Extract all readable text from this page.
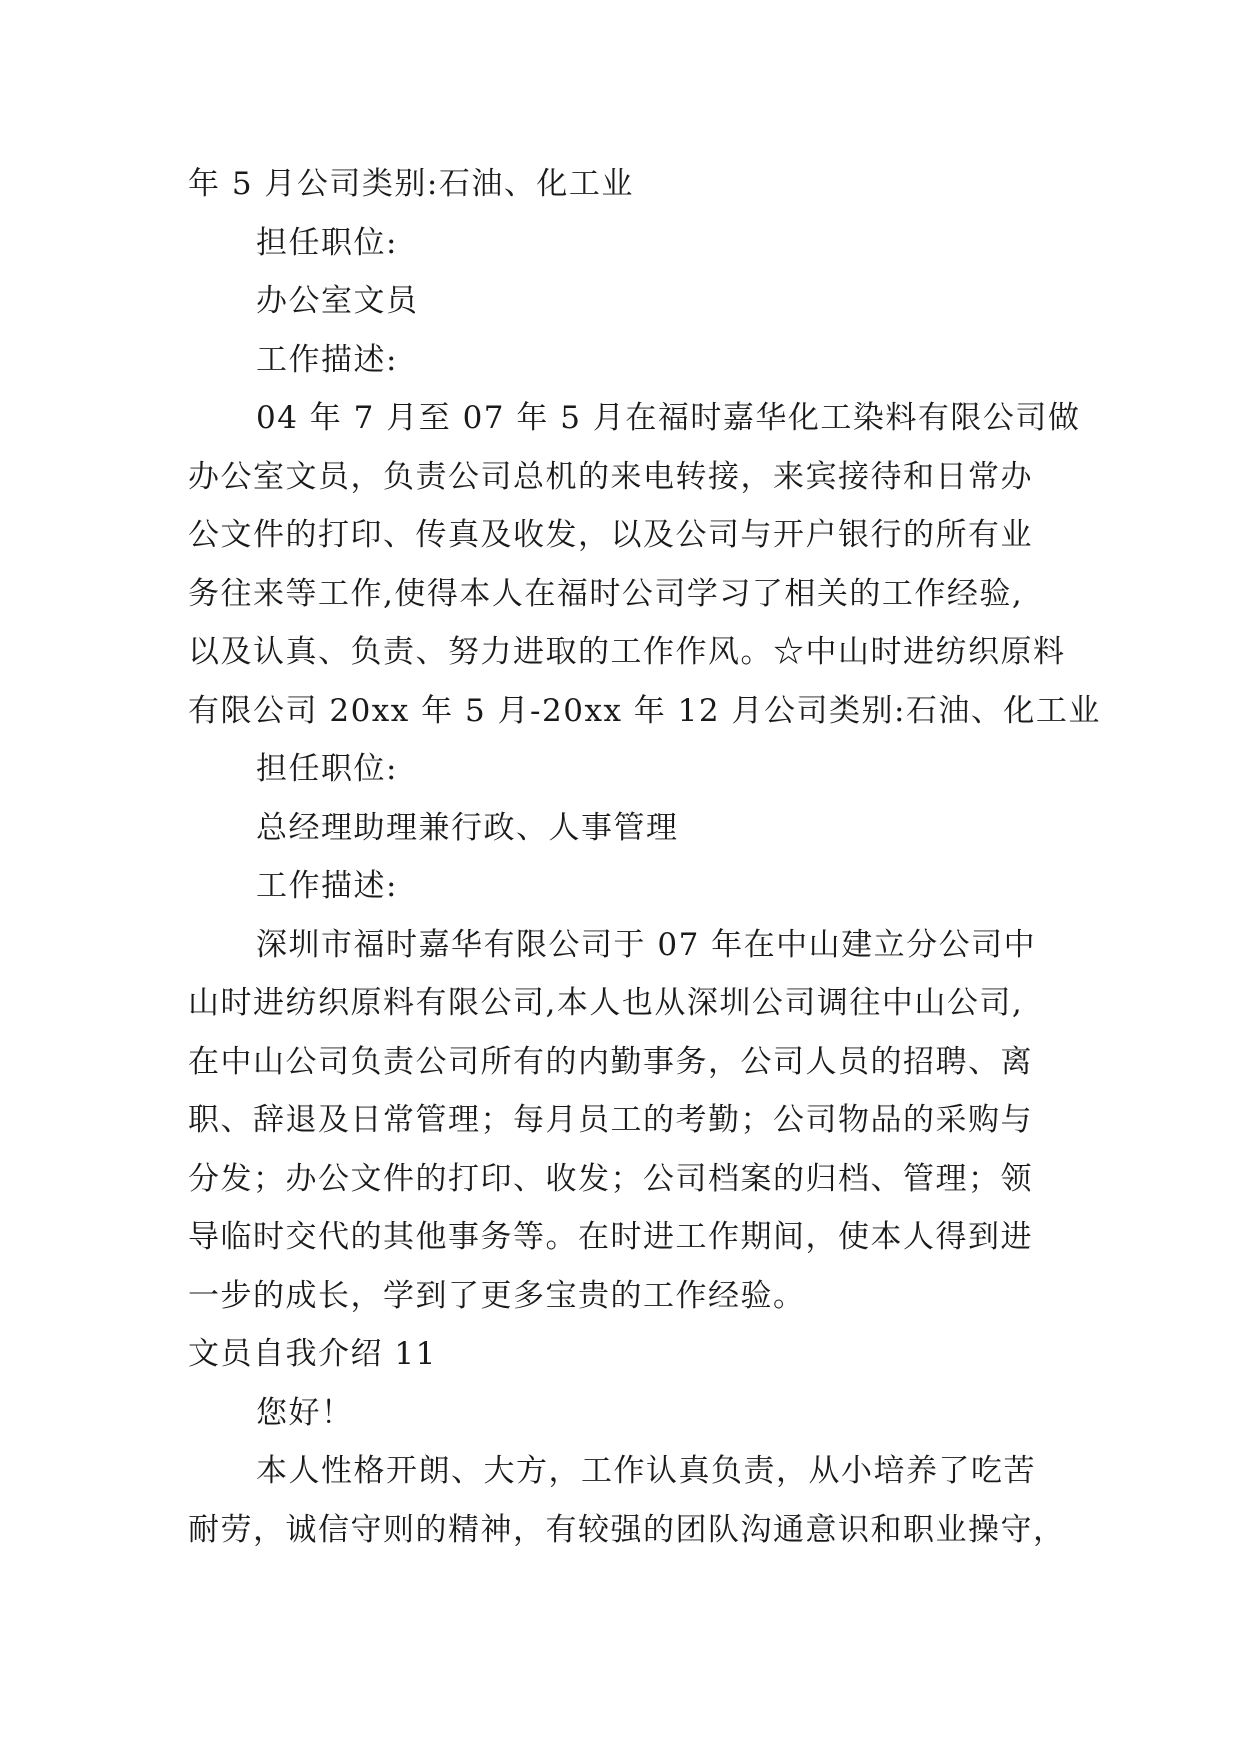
年 5 月公司类别:石油、化工业
担任职位:
办公室文员
工作描述:
04 年 7 月至 07 年 5 月在福时嘉华化工染料有限公司做
办公室文员，负责公司总机的来电转接，来宾接待和日常办
公文件的打印、传真及收发，以及公司与开户银行的所有业
务往来等工作,使得本人在福时公司学习了相关的工作经验,
以及认真、负责、努力进取的工作作风。☆中山时进纺织原料
有限公司 20xx 年 5 月-20xx 年 12 月公司类别:石油、化工业
担任职位:
总经理助理兼行政、人事管理
工作描述:
深圳市福时嘉华有限公司于 07 年在中山建立分公司中
山时进纺织原料有限公司,本人也从深圳公司调往中山公司,
在中山公司负责公司所有的内勤事务，公司人员的招聘、离
职、辞退及日常管理；每月员工的考勤；公司物品的采购与
分发；办公文件的打印、收发；公司档案的归档、管理；领
导临时交代的其他事务等。在时进工作期间，使本人得到进
一步的成长，学到了更多宝贵的工作经验。
文员自我介绍 11
您好！
本人性格开朗、大方，工作认真负责，从小培养了吃苦
耐劳，诚信守则的精神，有较强的团队沟通意识和职业操守，
